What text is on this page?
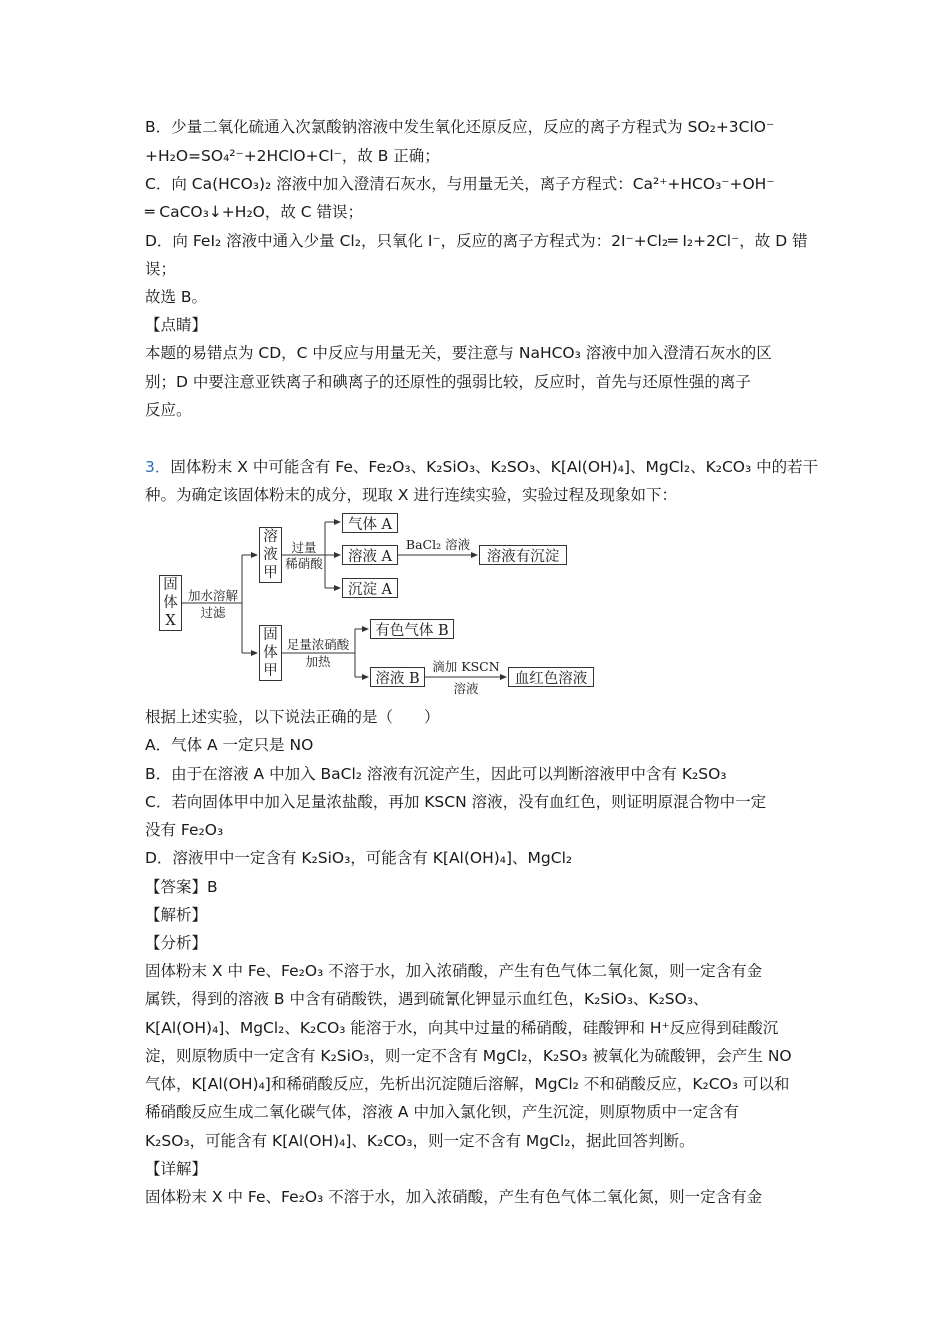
B．少量二氧化硫通入次氯酸钠溶液中发生氧化还原反应，反应的离子方程式为 SO₂+3ClO⁻
+H₂O=SO₄²⁻+2HClO+Cl⁻，故 B 正确；
C．向 Ca(HCO₃)₂ 溶液中加入澄清石灰水，与用量无关，离子方程式：Ca²⁺+HCO₃⁻+OH⁻
═ CaCO₃↓+H₂O，故 C 错误；
D．向 FeI₂ 溶液中通入少量 Cl₂，只氧化 I⁻，反应的离子方程式为：2I⁻+Cl₂═ I₂+2Cl⁻，故 D 错
误；
故选 B。
【点睛】
本题的易错点为 CD，C 中反应与用量无关，要注意与 NaHCO₃ 溶液中加入澄清石灰水的区
别；D 中要注意亚铁离子和碘离子的还原性的强弱比较，反应时，首先与还原性强的离子
反应。
3．固体粉末 X 中可能含有 Fe、Fe₂O₃、K₂SiO₃、K₂SO₃、K[Al(OH)₄]、MgCl₂、K₂CO₃ 中的若干
种。为确定该固体粉末的成分，现取 X 进行连续实验，实验过程及现象如下：
固
体
X
加水溶解
过滤
溶
液
甲
固
体
甲
过量
稀硝酸
气体 A
溶液 A
沉淀 A
BaCl₂ 溶液
溶液有沉淀
足量浓硝酸
加热
有色气体 B
溶液 B
滴加 KSCN
溶液
血红色溶液
根据上述实验，以下说法正确的是（　　）
A．气体 A 一定只是 NO
B．由于在溶液 A 中加入 BaCl₂ 溶液有沉淀产生，因此可以判断溶液甲中含有 K₂SO₃
C．若向固体甲中加入足量浓盐酸，再加 KSCN 溶液，没有血红色，则证明原混合物中一定
没有 Fe₂O₃
D．溶液甲中一定含有 K₂SiO₃，可能含有 K[Al(OH)₄]、MgCl₂
【答案】B
【解析】
【分析】
固体粉末 X 中 Fe、Fe₂O₃ 不溶于水，加入浓硝酸，产生有色气体二氧化氮，则一定含有金
属铁，得到的溶液 B 中含有硝酸铁，遇到硫氰化钾显示血红色，K₂SiO₃、K₂SO₃、
K[Al(OH)₄]、MgCl₂、K₂CO₃ 能溶于水，向其中过量的稀硝酸，硅酸钾和 H⁺反应得到硅酸沉
淀，则原物质中一定含有 K₂SiO₃，则一定不含有 MgCl₂，K₂SO₃ 被氧化为硫酸钾，会产生 NO
气体，K[Al(OH)₄]和稀硝酸反应，先析出沉淀随后溶解，MgCl₂ 不和硝酸反应，K₂CO₃ 可以和
稀硝酸反应生成二氧化碳气体，溶液 A 中加入氯化钡，产生沉淀，则原物质中一定含有
K₂SO₃，可能含有 K[Al(OH)₄]、K₂CO₃，则一定不含有 MgCl₂，据此回答判断。
【详解】
固体粉末 X 中 Fe、Fe₂O₃ 不溶于水，加入浓硝酸，产生有色气体二氧化氮，则一定含有金
